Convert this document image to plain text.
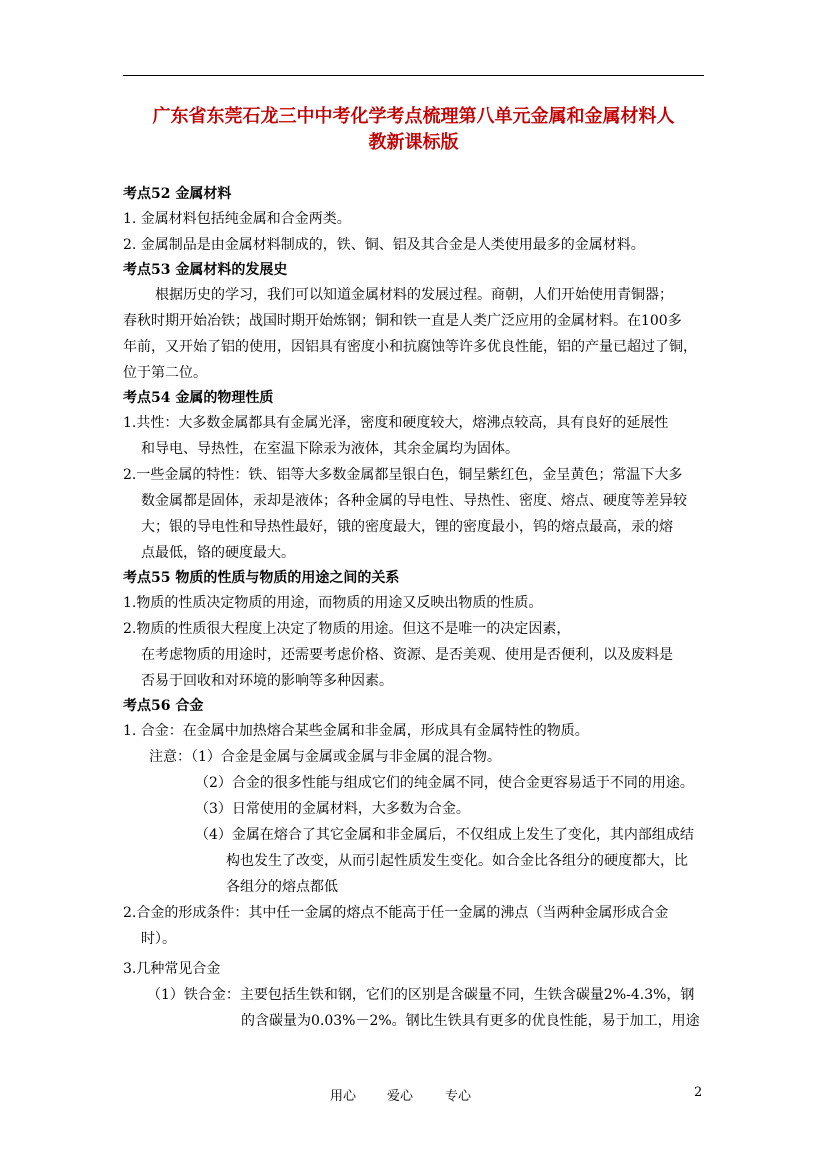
广东省东莞石龙三中中考化学考点梳理第八单元金属和金属材料人
教新课标版
考点52 金属材料
1. 金属材料包括纯金属和合金两类。
2. 金属制品是由金属材料制成的，铁、铜、铝及其合金是人类使用最多的金属材料。
考点53 金属材料的发展史
根据历史的学习，我们可以知道金属材料的发展过程。商朝，人们开始使用青铜器；
春秋时期开始冶铁；战国时期开始炼钢；铜和铁一直是人类广泛应用的金属材料。在100多
年前，又开始了铝的使用，因铝具有密度小和抗腐蚀等许多优良性能，铝的产量已超过了铜，
位于第二位。
考点54 金属的物理性质
1.共性：大多数金属都具有金属光泽，密度和硬度较大，熔沸点较高，具有良好的延展性
和导电、导热性，在室温下除汞为液体，其余金属均为固体。
2.一些金属的特性：铁、铝等大多数金属都呈银白色，铜呈紫红色，金呈黄色；常温下大多
数金属都是固体，汞却是液体；各种金属的导电性、导热性、密度、熔点、硬度等差异较
大；银的导电性和导热性最好，锇的密度最大，锂的密度最小，钨的熔点最高，汞的熔
点最低，铬的硬度最大。
考点55 物质的性质与物质的用途之间的关系
1.物质的性质决定物质的用途，而物质的用途又反映出物质的性质。
2.物质的性质很大程度上决定了物质的用途。但这不是唯一的决定因素，
在考虑物质的用途时，还需要考虑价格、资源、是否美观、使用是否便利，以及废料是
否易于回收和对环境的影响等多种因素。
考点56 合金
1. 合金：在金属中加热熔合某些金属和非金属，形成具有金属特性的物质。
注意：（1）合金是金属与金属或金属与非金属的混合物。
（2）合金的很多性能与组成它们的纯金属不同，使合金更容易适于不同的用途。
（3）日常使用的金属材料，大多数为合金。
（4）金属在熔合了其它金属和非金属后，不仅组成上发生了变化，其内部组成结
构也发生了改变，从而引起性质发生变化。如合金比各组分的硬度都大，比
各组分的熔点都低
2.合金的形成条件：其中任一金属的熔点不能高于任一金属的沸点（当两种金属形成合金
时）。
3.几种常见合金
（1）铁合金：主要包括生铁和钢，它们的区别是含碳量不同，生铁含碳量2%-4.3%，钢
的含碳量为0.03%－2%。钢比生铁具有更多的优良性能，易于加工，用途
用心 爱心 专心	2
